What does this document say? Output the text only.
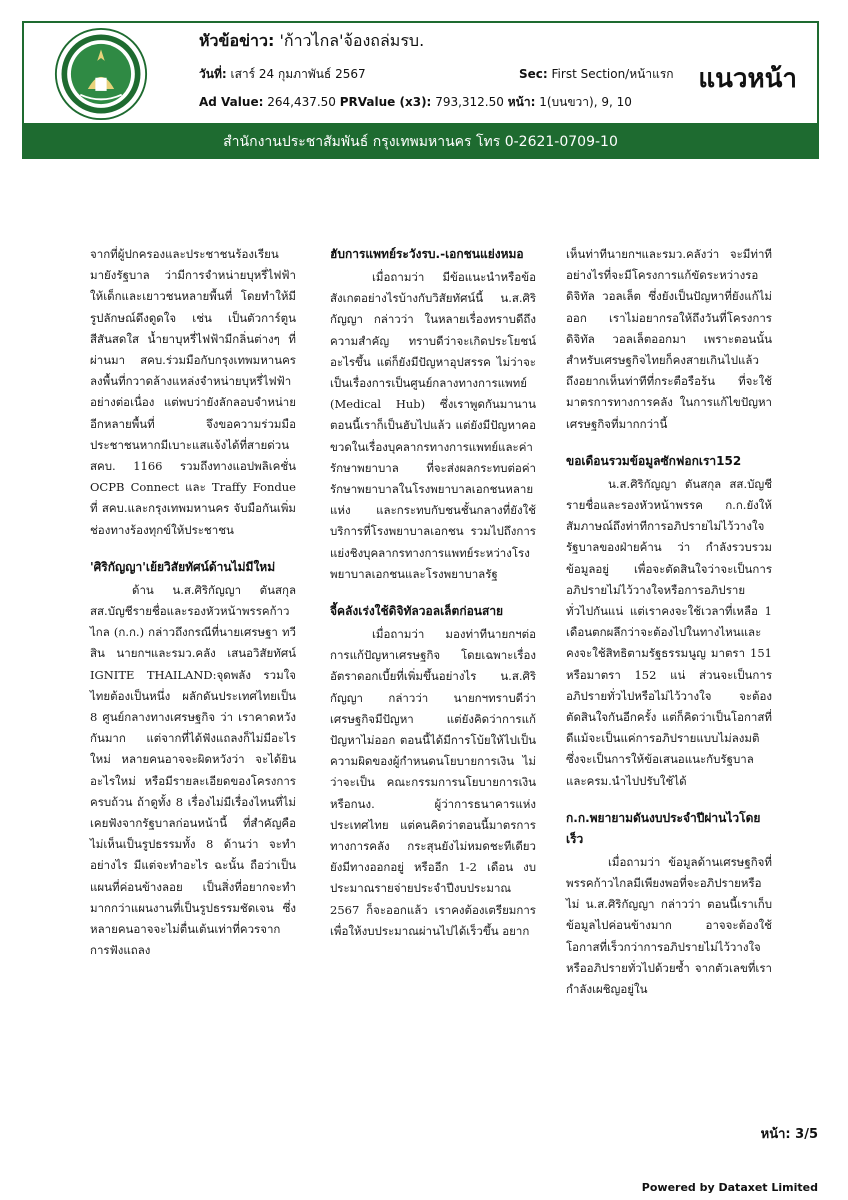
หัวข้อข่าว: 'ก้าวไกล'จ้องถล่มรบ.
วันที่: เสาร์ 24 กุมภาพันธ์ 2567	Sec: First Section/หน้าแรก
Ad Value: 264,437.50 PRValue (x3): 793,312.50 หน้า: 1(บนขวา), 9, 10
แนวหน้า
สำนักงานประชาสัมพันธ์ กรุงเทพมหานคร โทร 0-2621-0709-10

จากที่ผู้ปกครองและประชาชนร้องเรียนมายังรัฐบาล ว่ามีการจำหน่ายบุหรี่ไฟฟ้าให้เด็กและเยาวชนหลายพื้นที่ โดยทำให้มีรูปลักษณ์ดึงดูดใจ เช่น เป็นตัวการ์ตูน สีสันสดใส น้ำยาบุหรี่ไฟฟ้ามีกลิ่นต่างๆ ที่ผ่านมา สคบ.ร่วมมือกับกรุงเทพมหานคร ลงพื้นที่กวาดล้างแหล่งจำหน่ายบุหรี่ไฟฟ้าอย่างต่อเนื่อง แต่พบว่ายังลักลอบจำหน่ายอีกหลายพื้นที่ จึงขอความร่วมมือประชาชนหากมีเบาะแสแจ้งได้ที่สายด่วน สคบ. 1166 รวมถึงทางแอปพลิเคชั่น OCPB Connect และ Traffy Fondue ที่ สคบ.และกรุงเทพมหานคร จับมือกันเพิ่มช่องทางร้องทุกข์ให้ประชาชน

'ศิริกัญญา'เย้ยวิสัยทัศน์ด้านไม่มีใหม่

ด้าน น.ส.ศิริกัญญา ตันสกุล สส.บัญชีรายชื่อและรองหัวหน้าพรรคก้าวไกล (ก.ก.) กล่าวถึงกรณีที่นายเศรษฐา ทวีสิน นายกฯและรมว.คลัง เสนอวิสัยทัศน์ IGNITE THAILAND:จุดพลัง รวมใจ ไทยต้องเป็นหนึ่ง ผลักดันประเทศไทยเป็น 8 ศูนย์กลางทางเศรษฐกิจ ว่า เราคาดหวังกันมาก แต่จากที่ได้ฟังแถลงก็ไม่มีอะไรใหม่ หลายคนอาจจะผิดหวังว่า จะได้ยินอะไรใหม่ หรือมีรายละเอียดของโครงการครบถ้วน ถ้าดูทั้ง 8 เรื่องไม่มีเรื่องไหนที่ไม่เคยฟังจากรัฐบาลก่อนหน้านี้ ที่สำคัญคือ ไม่เห็นเป็นรูปธรรมทั้ง 8 ด้านว่า จะทำอย่างไร มีแต่จะทำอะไร ฉะนั้น ถือว่าเป็นแผนที่ค่อนข้างลอย เป็นสิ่งที่อยากจะทำมากกว่าแผนงานที่เป็นรูปธรรมชัดเจน ซึ่งหลายคนอาจจะไม่ตื่นเต้นเท่าที่ควรจากการฟังแถลง

ฮับการแพทย์ระวังรบ.-เอกชนแย่งหมอ

เมื่อถามว่า มีข้อแนะนำหรือข้อสังเกตอย่างไรบ้างกับวิสัยทัศน์นี้ น.ส.ศิริกัญญา กล่าวว่า ในหลายเรื่องทราบดีถึงความสำคัญ ทราบดีว่าจะเกิดประโยชน์อะไรขึ้น แต่ก็ยังมีปัญหาอุปสรรค ไม่ว่าจะเป็นเรื่องการเป็นศูนย์กลางทางการแพทย์ (Medical Hub) ซึ่งเราพูดกันมานาน ตอนนี้เราก็เป็นฮับไปแล้ว แต่ยังมีปัญหาคอขวดในเรื่องบุคลากรทางการแพทย์และค่ารักษาพยาบาล ที่จะส่งผลกระทบต่อค่ารักษาพยาบาลในโรงพยาบาลเอกชนหลายแห่ง และกระทบกับชนชั้นกลางที่ยังใช้บริการที่โรงพยาบาลเอกชน รวมไปถึงการแย่งชิงบุคลากรทางการแพทย์ระหว่างโรงพยาบาลเอกชนและโรงพยาบาลรัฐ

จี้คลังเร่งใช้ดิจิทัลวอลเล็ตก่อนสาย

เมื่อถามว่า มองท่าทีนายกฯต่อการแก้ปัญหาเศรษฐกิจ โดยเฉพาะเรื่องอัตราดอกเบี้ยที่เพิ่มขึ้นอย่างไร น.ส.ศิริกัญญา กล่าวว่า นายกฯทราบดีว่าเศรษฐกิจมีปัญหา แต่ยังคิดว่าการแก้ปัญหาไม่ออก ตอนนี้ได้มีการโบ้ยให้ไปเป็นความผิดของผู้กำหนดนโยบายการเงิน ไม่ว่าจะเป็น คณะกรรมการนโยบายการเงิน หรือกนง. ผู้ว่าการธนาคารแห่งประเทศไทย แต่คนคิดว่าตอนนี้มาตรการทางการคลัง กระสุนยังไม่หมดชะทีเดียว ยังมีทางออกอยู่ หรืออีก 1-2 เดือน งบประมาณรายจ่ายประจำปีงบประมาณ 2567 ก็จะออกแล้ว เราคงต้องเตรียมการเพื่อให้งบประมาณผ่านไปได้เร็วขึ้น อยาก

เห็นท่าทีนายกฯและรมว.คลังว่า จะมีท่าทีอย่างไรที่จะมีโครงการแก้ขัดระหว่างรอดิจิทัล วอลเล็ต ซึ่งยังเป็นปัญหาที่ยังแก้ไม่ออก เราไม่อยากรอให้ถึงวันที่โครงการดิจิทัล วอลเล็ตออกมา เพราะตอนนั้น สำหรับเศรษฐกิจไทยก็คงสายเกินไปแล้ว ถึงอยากเห็นท่าทีที่กระตือรือร้น ที่จะใช้มาตรการทางการคลัง ในการแก้ไขปัญหาเศรษฐกิจที่มากกว่านี้

ขอเดือนรวมข้อมูลซักฟอกเรา152

น.ส.ศิริกัญญา ตันสกุล สส.บัญชีรายชื่อและรองหัวหน้าพรรค ก.ก.ยังให้สัมภาษณ์ถึงท่าทีการอภิปรายไม่ไว้วางใจรัฐบาลของฝ่ายค้าน ว่า กำลังรวบรวมข้อมูลอยู่ เพื่อจะตัดสินใจว่าจะเป็นการอภิปรายไม่ไว้วางใจหรือการอภิปรายทั่วไปกันแน่ แต่เราคงจะใช้เวลาที่เหลือ 1 เดือนตกผลึกว่าจะต้องไปในทางไหนและคงจะใช้สิทธิตามรัฐธรรมนูญ มาตรา 151 หรือมาตรา 152 แน่ ส่วนจะเป็นการอภิปรายทั่วไปหรือไม่ไว้วางใจ จะต้องตัดสินใจกันอีกครั้ง แต่ก็คิดว่าเป็นโอกาสที่ดีแม้จะเป็นแค่การอภิปรายแบบไม่ลงมติ ซึ่งจะเป็นการให้ข้อเสนอแนะกับรัฐบาลและครม.นำไปปรับใช้ได้

ก.ก.พยายามดันงบประจำปีผ่านไวโดยเร็ว

เมื่อถามว่า ข้อมูลด้านเศรษฐกิจที่พรรคก้าวไกลมีเพียงพอที่จะอภิปรายหรือไม่ น.ส.ศิริกัญญา กล่าวว่า ตอนนี้เราเก็บข้อมูลไปค่อนข้างมาก อาจจะต้องใช้โอกาสที่เร็วกว่าการอภิปรายไม่ไว้วางใจ หรืออภิปรายทั่วไปด้วยซ้ำ จากตัวเลขที่เรากำลังเผชิญอยู่ใน

หน้า: 3/5
Powered by Dataxet Limited
